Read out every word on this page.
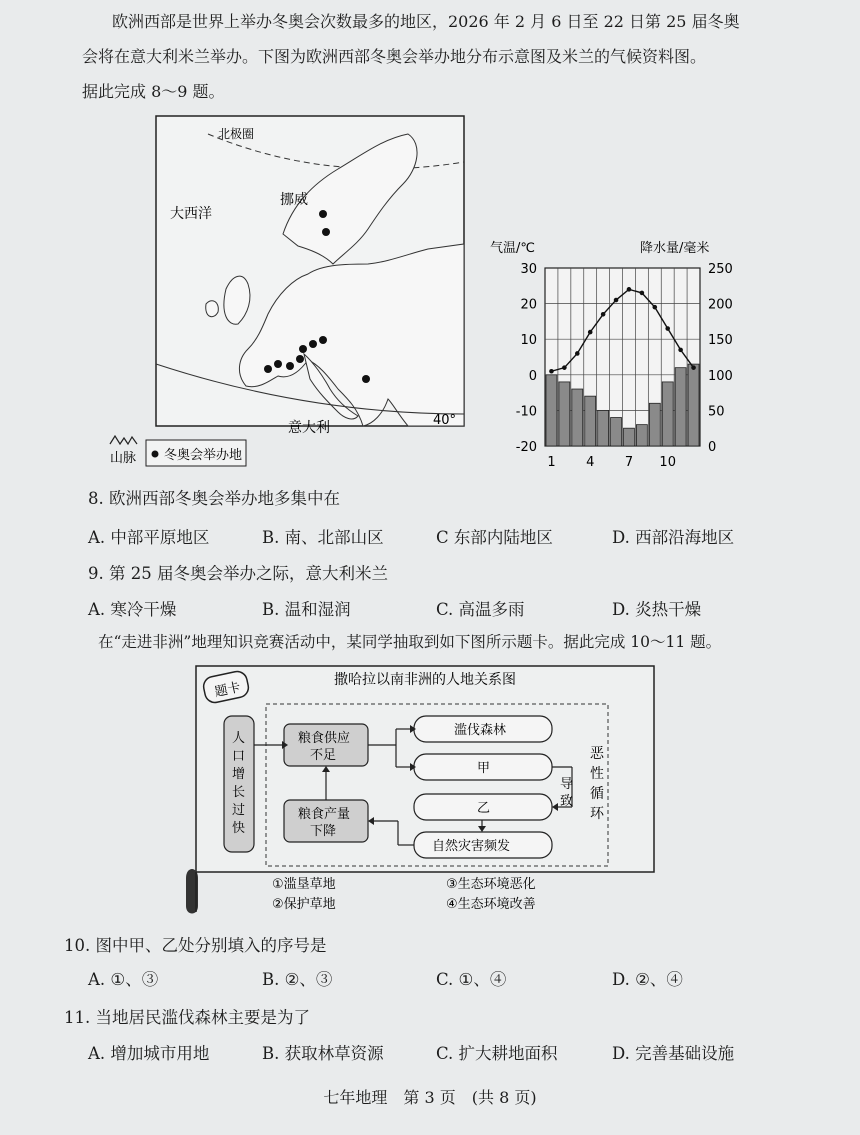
欧洲西部是世界上举办冬奥会次数最多的地区，2026 年 2 月 6 日至 22 日第 25 届冬奥
会将在意大利米兰举办。下图为欧洲西部冬奥会举办地分布示意图及米兰的气候资料图。
据此完成 8～9 题。
北极圈
大西洋
挪威
意大利	40°
山脉 冬奥会举办地
气温/℃	降水量/毫米
30
20
10
0
-10
-20
250
200
150
100
50
0
1 4 7 10
8. 欧洲西部冬奥会举办地多集中在
A. 中部平原地区	B. 南、北部山区	C 东部内陆地区	D. 西部沿海地区
9. 第 25 届冬奥会举办之际，意大利米兰
A. 寒冷干燥	B. 温和湿润	C. 高温多雨	D. 炎热干燥
在“走进非洲”地理知识竞赛活动中，某同学抽取到如下图所示题卡。据此完成 10～11 题。
题卡
撒哈拉以南非洲的人地关系图
人口增长过快
粮食供应
不足
粮食产量
下降
滥伐森林
甲
乙
自然灾害频发
导致
恶性循环
①滥垦草地
②保护草地
③生态环境恶化
④生态环境改善
10. 图中甲、乙处分别填入的序号是
A. ①、③	B. ②、③	C. ①、④	D. ②、④
11. 当地居民滥伐森林主要是为了
A. 增加城市用地	B. 获取林草资源	C. 扩大耕地面积	D. 完善基础设施
七年地理　第 3 页　(共 8 页)
